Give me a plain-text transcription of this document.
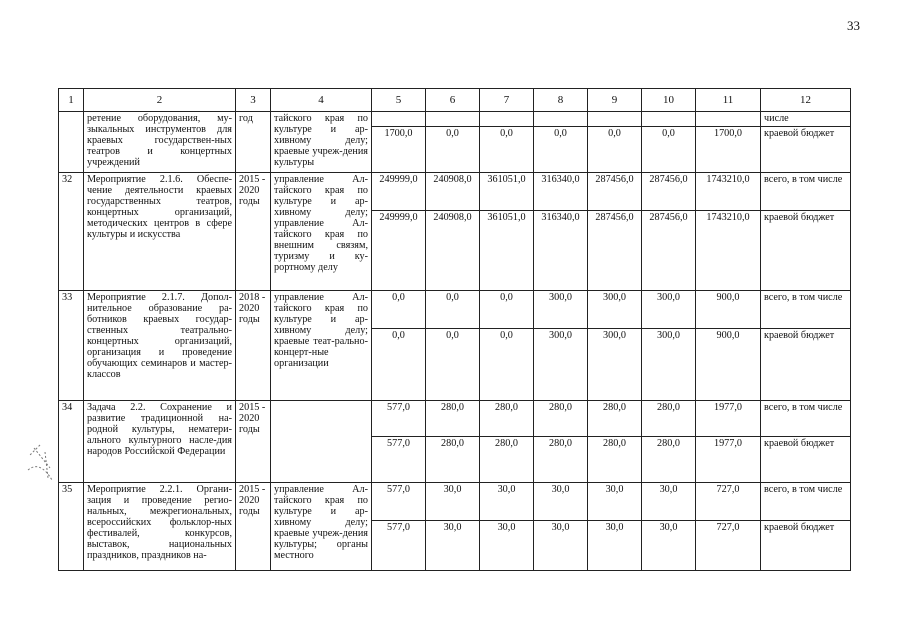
33
1	2	3	4	5	6	7	8	9	10	11	12
	ретение оборудования, му-зыкальных инструментов для краевых государствен-ных театров и концертных учреждений	год	тайского края по культуре и ар-хивному делу; краевые учреж-дения культуры								числе
				1700,0	0,0	0,0	0,0	0,0	0,0	1700,0	краевой бюджет
32	Мероприятие 2.1.6. Обеспе-чение деятельности краевых государственных театров, концертных организаций, методических центров в сфере культуры и искусства	2015 - 2020 годы	управление Ал-тайского края по культуре и ар-хивному делу; управление Ал-тайского края по внешним связям, туризму и ку-рортному делу	249999,0	240908,0	361051,0	316340,0	287456,0	287456,0	1743210,0	всего, в том числе
				249999,0	240908,0	361051,0	316340,0	287456,0	287456,0	1743210,0	краевой бюджет
33	Мероприятие 2.1.7. Допол-нительное образование ра-ботников краевых государ-ственных театрально-концертных организаций, организация и проведение обучающих семинаров и мастер-классов	2018 - 2020 годы	управление Ал-тайского края по культуре и ар-хивному делу; краевые теат-рально-концерт-ные организации	0,0	0,0	0,0	300,0	300,0	300,0	900,0	всего, в том числе
				0,0	0,0	0,0	300,0	300,0	300,0	900,0	краевой бюджет
34	Задача 2.2. Сохранение и развитие традиционной на-родной культуры, нематери-ального культурного насле-дия народов Российской Федерации	2015 - 2020 годы		577,0	280,0	280,0	280,0	280,0	280,0	1977,0	всего, в том числе
				577,0	280,0	280,0	280,0	280,0	280,0	1977,0	краевой бюджет
35	Мероприятие 2.2.1. Органи-зация и проведение регио-нальных, межрегиональных, всероссийских фольклор-ных фестивалей, конкурсов, выставок, национальных праздников, праздников на-	2015 - 2020 годы	управление Ал-тайского края по культуре и ар-хивному делу; краевые учреж-дения культуры; органы местного	577,0	30,0	30,0	30,0	30,0	30,0	727,0	всего, в том числе
				577,0	30,0	30,0	30,0	30,0	30,0	727,0	краевой бюджет
